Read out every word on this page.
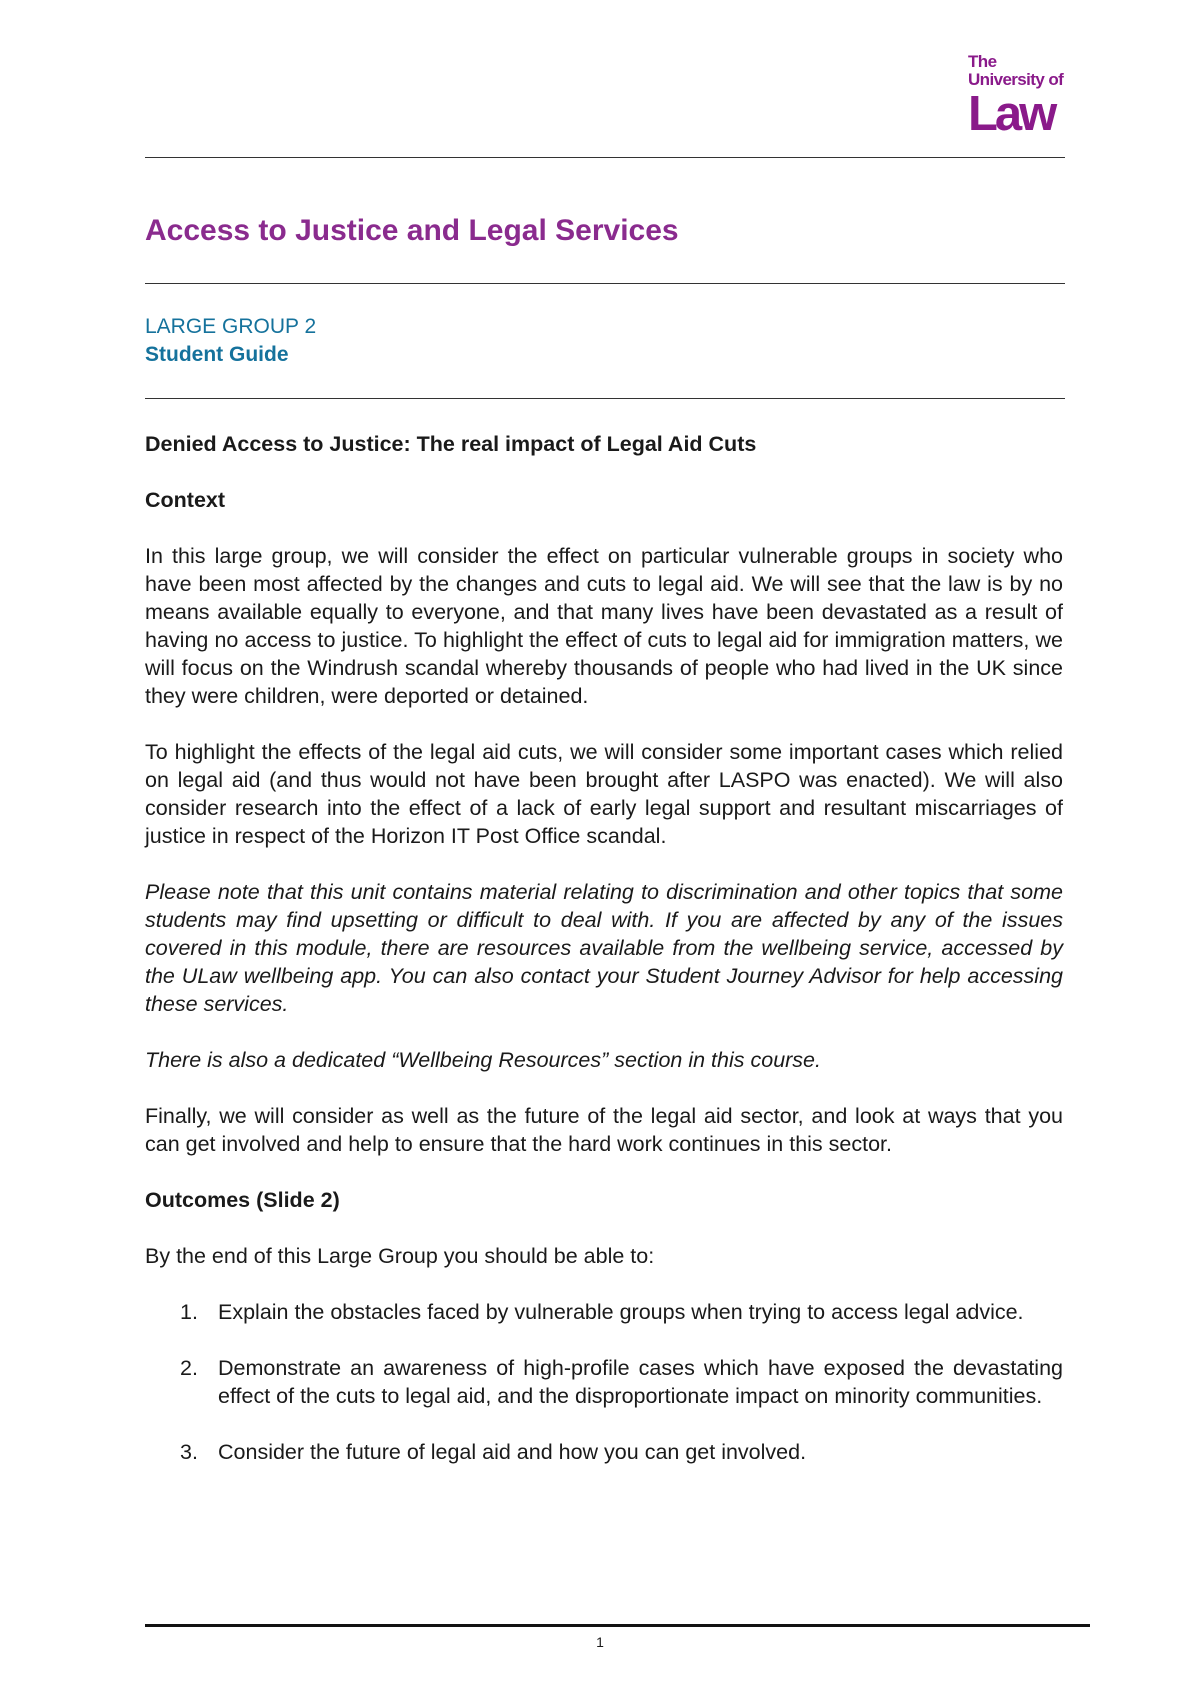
The
University of
Law
Access to Justice and Legal Services
LARGE GROUP 2
Student Guide
Denied Access to Justice: The real impact of Legal Aid Cuts
Context

In this large group, we will consider the effect on particular vulnerable groups in society who have been most affected by the changes and cuts to legal aid. We will see that the law is by no means available equally to everyone, and that many lives have been devastated as a result of having no access to justice. To highlight the effect of cuts to legal aid for immigration matters, we will focus on the Windrush scandal whereby thousands of people who had lived in the UK since they were children, were deported or detained.

To highlight the effects of the legal aid cuts, we will consider some important cases which relied on legal aid (and thus would not have been brought after LASPO was enacted). We will also consider research into the effect of a lack of early legal support and resultant miscarriages of justice in respect of the Horizon IT Post Office scandal.

Please note that this unit contains material relating to discrimination and other topics that some students may find upsetting or difficult to deal with. If you are affected by any of the issues covered in this module, there are resources available from the wellbeing service, accessed by the ULaw wellbeing app. You can also contact your Student Journey Advisor for help accessing these services.

There is also a dedicated “Wellbeing Resources” section in this course.

Finally, we will consider as well as the future of the legal aid sector, and look at ways that you can get involved and help to ensure that the hard work continues in this sector.

Outcomes (Slide 2)

By the end of this Large Group you should be able to:

1. Explain the obstacles faced by vulnerable groups when trying to access legal advice.
2. Demonstrate an awareness of high-profile cases which have exposed the devastating effect of the cuts to legal aid, and the disproportionate impact on minority communities.
3. Consider the future of legal aid and how you can get involved.
1
